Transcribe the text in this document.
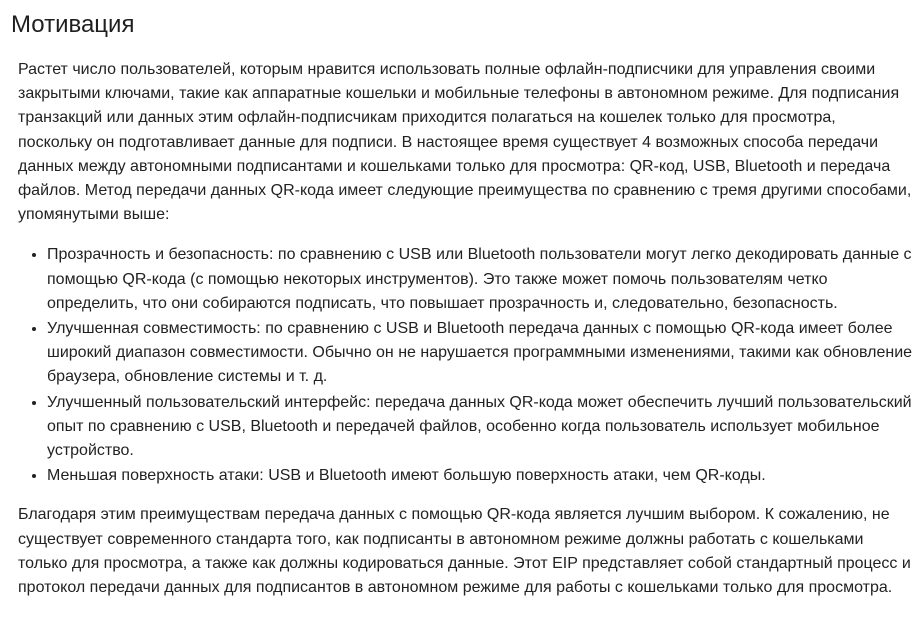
Мотивация

Растет число пользователей, которым нравится использовать полные офлайн-подписчики для управления своими закрытыми ключами, такие как аппаратные кошельки и мобильные телефоны в автономном режиме. Для подписания транзакций или данных этим офлайн-подписчикам приходится полагаться на кошелек только для просмотра, поскольку он подготавливает данные для подписи. В настоящее время существует 4 возможных способа передачи данных между автономными подписантами и кошельками только для просмотра: QR-код, USB, Bluetooth и передача файлов. Метод передачи данных QR-кода имеет следующие преимущества по сравнению с тремя другими способами, упомянутыми выше:

• Прозрачность и безопасность: по сравнению с USB или Bluetooth пользователи могут легко декодировать данные с помощью QR-кода (с помощью некоторых инструментов). Это также может помочь пользователям четко определить, что они собираются подписать, что повышает прозрачность и, следовательно, безопасность.
• Улучшенная совместимость: по сравнению с USB и Bluetooth передача данных с помощью QR-кода имеет более широкий диапазон совместимости. Обычно он не нарушается программными изменениями, такими как обновление браузера, обновление системы и т. д.
• Улучшенный пользовательский интерфейс: передача данных QR-кода может обеспечить лучший пользовательский опыт по сравнению с USB, Bluetooth и передачей файлов, особенно когда пользователь использует мобильное устройство.
• Меньшая поверхность атаки: USB и Bluetooth имеют большую поверхность атаки, чем QR-коды.

Благодаря этим преимуществам передача данных с помощью QR-кода является лучшим выбором. К сожалению, не существует современного стандарта того, как подписанты в автономном режиме должны работать с кошельками только для просмотра, а также как должны кодироваться данные. Этот EIP представляет собой стандартный процесс и протокол передачи данных для подписантов в автономном режиме для работы с кошельками только для просмотра.
